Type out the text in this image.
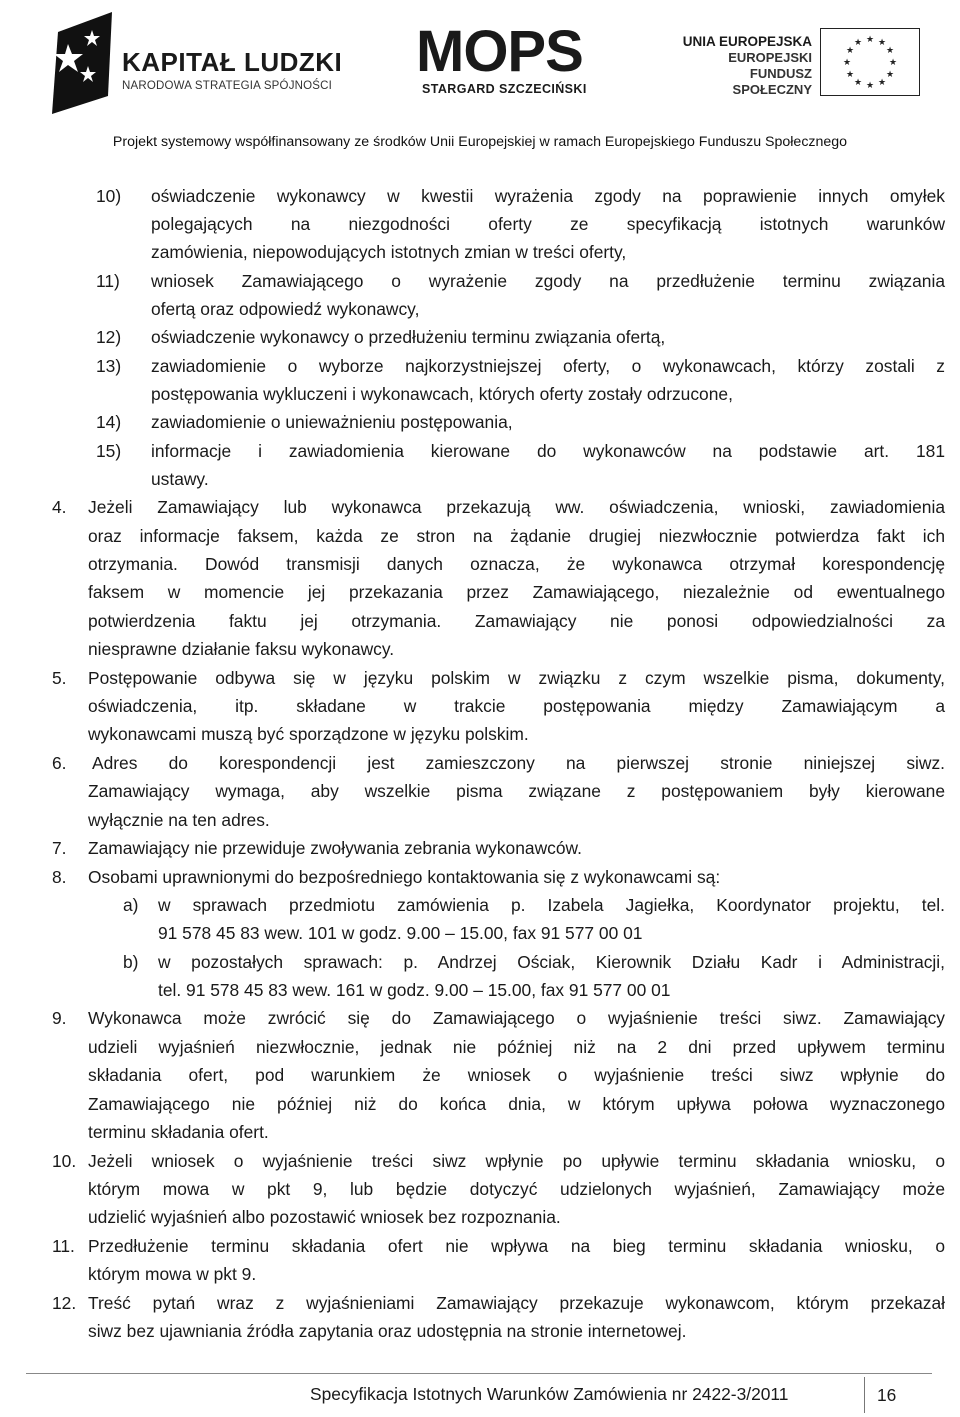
KAPITAŁ LUDZKI
NARODOWA STRATEGIA SPÓJNOŚCI
MOPS
STARGARD SZCZECIŃSKI
UNIA EUROPEJSKA
EUROPEJSKI
FUNDUSZ SPOŁECZNY
★ ★
★
★
★
★
★
★
★
★
★
★
Projekt systemowy współfinansowany ze środków Unii Europejskiej w ramach Europejskiego Funduszu Społecznego
10) oświadczenie wykonawcy w kwestii wyrażenia zgody na poprawienie innych omyłek
polegających na niezgodności oferty ze specyfikacją istotnych warunków
zamówienia, niepowodujących istotnych zmian w treści oferty,
11) wniosek Zamawiającego o wyrażenie zgody na przedłużenie terminu związania
ofertą oraz odpowiedź wykonawcy,
12) oświadczenie wykonawcy o przedłużeniu terminu związania ofertą,
13) zawiadomienie o wyborze najkorzystniejszej oferty, o wykonawcach, którzy zostali z
postępowania wykluczeni i wykonawcach, których oferty zostały odrzucone,
14) zawiadomienie o unieważnieniu postępowania,
15) informacje i zawiadomienia kierowane do wykonawców na podstawie art. 181
ustawy.
4. Jeżeli Zamawiający lub wykonawca przekazują ww. oświadczenia, wnioski, zawiadomienia
oraz informacje faksem, każda ze stron na żądanie drugiej niezwłocznie potwierdza fakt ich
otrzymania. Dowód transmisji danych oznacza, że wykonawca otrzymał korespondencję
faksem w momencie jej przekazania przez Zamawiającego, niezależnie od ewentualnego
potwierdzenia faktu jej otrzymania. Zamawiający nie ponosi odpowiedzialności za
niesprawne działanie faksu wykonawcy.
5. Postępowanie odbywa się w języku polskim w związku z czym wszelkie pisma, dokumenty,
oświadczenia, itp. składane w trakcie postępowania między Zamawiającym a
wykonawcami muszą być sporządzone w języku polskim.
6. Adres do korespondencji jest zamieszczony na pierwszej stronie niniejszej siwz.
Zamawiający wymaga, aby wszelkie pisma związane z postępowaniem były kierowane
wyłącznie na ten adres.
7. Zamawiający nie przewiduje zwoływania zebrania wykonawców.
8. Osobami uprawnionymi do bezpośredniego kontaktowania się z wykonawcami są:
a) w sprawach przedmiotu zamówienia p. Izabela Jagiełka, Koordynator projektu, tel.
91 578 45 83 wew. 101 w godz. 9.00 – 15.00, fax 91 577 00 01
b) w pozostałych sprawach: p. Andrzej Ościak, Kierownik Działu Kadr i Administracji,
tel. 91 578 45 83 wew. 161 w godz. 9.00 – 15.00, fax 91 577 00 01
9. Wykonawca może zwrócić się do Zamawiającego o wyjaśnienie treści siwz. Zamawiający
udzieli wyjaśnień niezwłocznie, jednak nie później niż na 2 dni przed upływem terminu
składania ofert, pod warunkiem że wniosek o wyjaśnienie treści siwz wpłynie do
Zamawiającego nie później niż do końca dnia, w którym upływa połowa wyznaczonego
terminu składania ofert.
10. Jeżeli wniosek o wyjaśnienie treści siwz wpłynie po upływie terminu składania wniosku, o
którym mowa w pkt 9, lub będzie dotyczyć udzielonych wyjaśnień, Zamawiający może
udzielić wyjaśnień albo pozostawić wniosek bez rozpoznania.
11. Przedłużenie terminu składania ofert nie wpływa na bieg terminu składania wniosku, o
którym mowa w pkt 9.
12. Treść pytań wraz z wyjaśnieniami Zamawiający przekazuje wykonawcom, którym przekazał
siwz bez ujawniania źródła zapytania oraz udostępnia na stronie internetowej.
Specyfikacja Istotnych Warunków Zamówienia nr 2422-3/2011	16
